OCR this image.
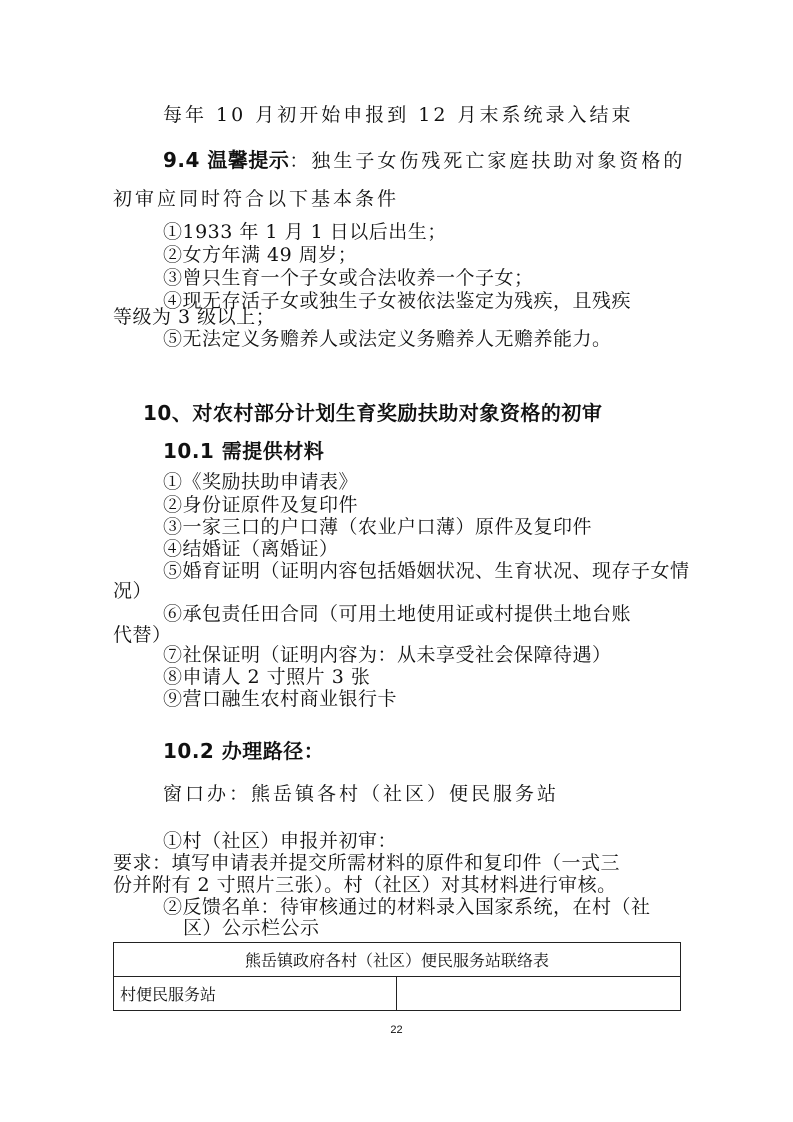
每年 10 月初开始申报到 12 月末系统录入结束
9.4 温馨提示：独生子女伤残死亡家庭扶助对象资格的
初审应同时符合以下基本条件
①1933 年 1 月 1 日以后出生；
②女方年满 49 周岁；
③曾只生育一个子女或合法收养一个子女；
④现无存活子女或独生子女被依法鉴定为残疾，且残疾
等级为 3 级以上；
⑤无法定义务赡养人或法定义务赡养人无赡养能力。
10、对农村部分计划生育奖励扶助对象资格的初审
10.1 需提供材料
①《奖励扶助申请表》
②身份证原件及复印件
③一家三口的户口薄（农业户口薄）原件及复印件
④结婚证（离婚证）
⑤婚育证明（证明内容包括婚姻状况、生育状况、现存子女情
况）
⑥承包责任田合同（可用土地使用证或村提供土地台账
代替）
⑦社保证明（证明内容为：从未享受社会保障待遇）
⑧申请人 2 寸照片 3 张
⑨营口融生农村商业银行卡
10.2 办理路径：
窗口办：熊岳镇各村（社区）便民服务站
①村（社区）申报并初审：
要求：填写申请表并提交所需材料的原件和复印件（一式三
份并附有 2 寸照片三张）。村（社区）对其材料进行审核。
②反馈名单：待审核通过的材料录入国家系统，在村（社
区）公示栏公示
熊岳镇政府各村（社区）便民服务站联络表
村便民服务站	
22
